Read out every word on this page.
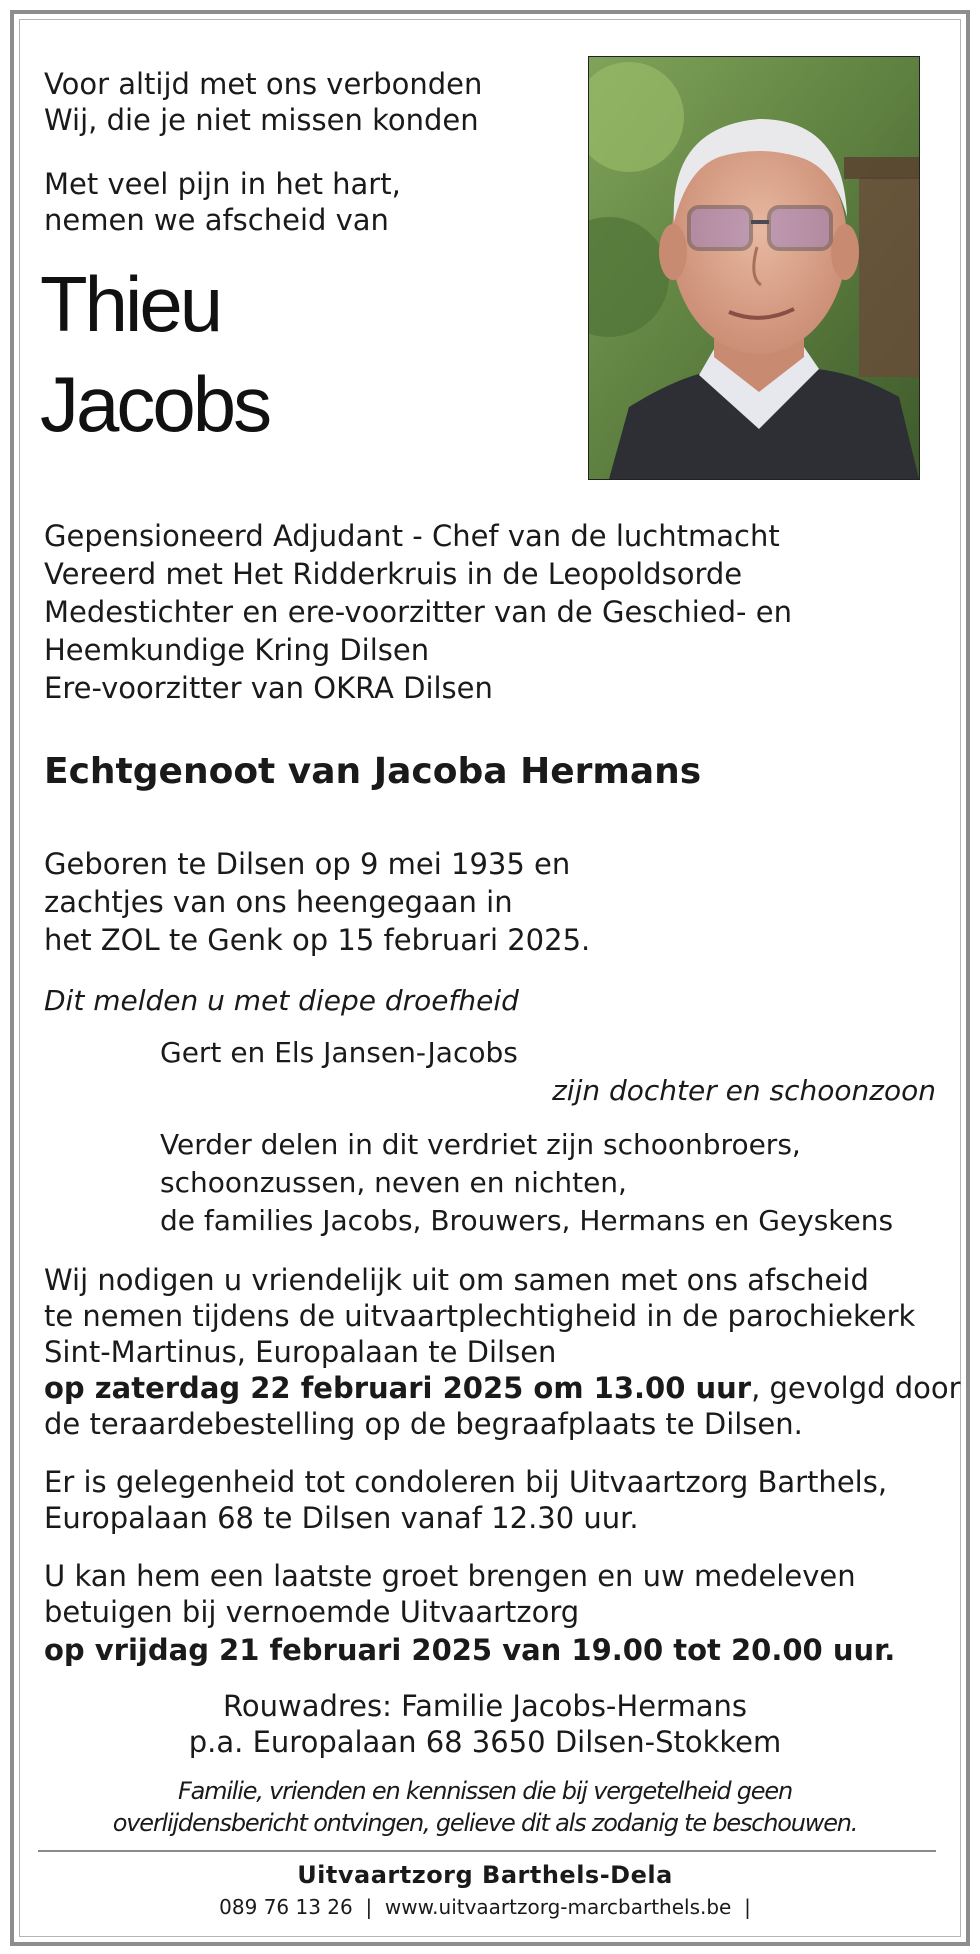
Voor altijd met ons verbonden
Wij, die je niet missen konden
Met veel pijn in het hart,
nemen we afscheid van
Thieu
Jacobs
Gepensioneerd Adjudant - Chef van de luchtmacht
Vereerd met Het Ridderkruis in de Leopoldsorde
Medestichter en ere-voorzitter van de Geschied- en
Heemkundige Kring Dilsen
Ere-voorzitter van OKRA Dilsen
Echtgenoot van Jacoba Hermans
Geboren te Dilsen op 9 mei 1935 en
zachtjes van ons heengegaan in
het ZOL te Genk op 15 februari 2025.
Dit melden u met diepe droefheid
Gert en Els Jansen-Jacobs
zijn dochter en schoonzoon
Verder delen in dit verdriet zijn schoonbroers,
schoonzussen, neven en nichten,
de families Jacobs, Brouwers, Hermans en Geyskens
Wij nodigen u vriendelijk uit om samen met ons afscheid
te nemen tijdens de uitvaartplechtigheid in de parochiekerk
Sint-Martinus, Europalaan te Dilsen
op zaterdag 22 februari 2025 om 13.00 uur, gevolgd door
de teraardebestelling op de begraafplaats te Dilsen.
Er is gelegenheid tot condoleren bij Uitvaartzorg Barthels,
Europalaan 68 te Dilsen vanaf 12.30 uur.
U kan hem een laatste groet brengen en uw medeleven
betuigen bij vernoemde Uitvaartzorg
op vrijdag 21 februari 2025 van 19.00 tot 20.00 uur.
Rouwadres: Familie Jacobs-Hermans
p.a. Europalaan 68 3650 Dilsen-Stokkem
Familie, vrienden en kennissen die bij vergetelheid geen
overlijdensbericht ontvingen, gelieve dit als zodanig te beschouwen.
Uitvaartzorg Barthels-Dela
089 76 13 26  |  www.uitvaartzorg-marcbarthels.be  |
